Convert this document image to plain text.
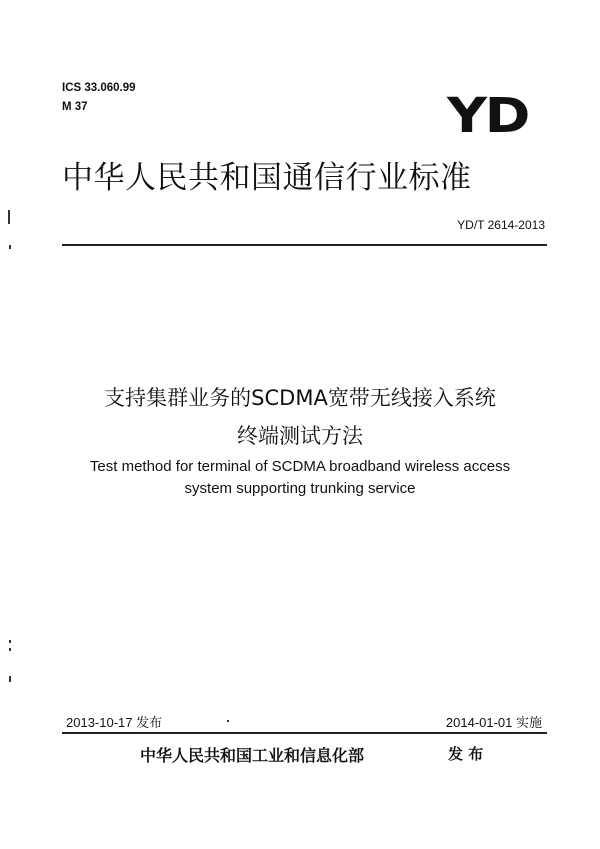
ICS 33.060.99
M 37	YD
中华人民共和国通信行业标准
YD/T 2614-2013
支持集群业务的SCDMA宽带无线接入系统
终端测试方法
Test method for terminal of SCDMA broadband wireless access
system supporting trunking service
2013-10-17 发布	2014-01-01 实施
中华人民共和国工业和信息化部	发 布
